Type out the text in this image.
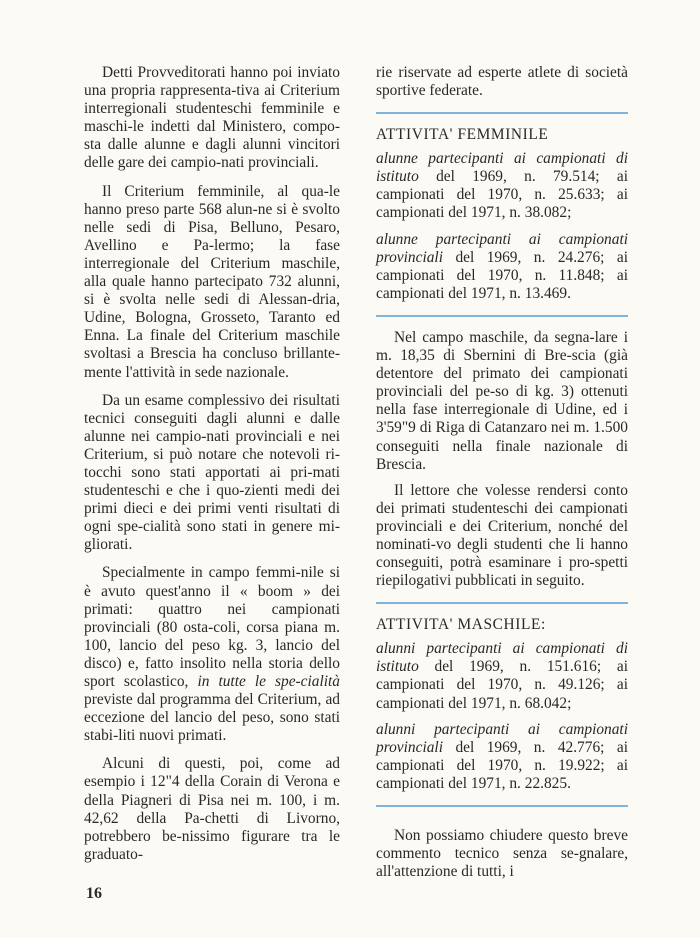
Detti Provveditorati hanno poi inviato una propria rappresenta-tiva ai Criterium interregionali studenteschi femminile e maschi-le indetti dal Ministero, compo-sta dalle alunne e dagli alunni vincitori delle gare dei campio-nati provinciali.

Il Criterium femminile, al qua-le hanno preso parte 568 alun-ne si è svolto nelle sedi di Pisa, Belluno, Pesaro, Avellino e Pa-lermo; la fase interregionale del Criterium maschile, alla quale hanno partecipato 732 alunni, si è svolta nelle sedi di Alessan-dria, Udine, Bologna, Grosseto, Taranto ed Enna. La finale del Criterium maschile svoltasi a Brescia ha concluso brillante-mente l'attività in sede nazionale.

Da un esame complessivo dei risultati tecnici conseguiti dagli alunni e dalle alunne nei campio-nati provinciali e nei Criterium, si può notare che notevoli ri-tocchi sono stati apportati ai pri-mati studenteschi e che i quo-zienti medi dei primi dieci e dei primi venti risultati di ogni spe-cialità sono stati in genere mi-gliorati.

Specialmente in campo femmi-nile si è avuto quest'anno il « boom » dei primati: quattro nei campionati provinciali (80 osta-coli, corsa piana m. 100, lancio del peso kg. 3, lancio del disco) e, fatto insolito nella storia dello sport scolastico, in tutte le spe-cialità previste dal programma del Criterium, ad eccezione del lancio del peso, sono stati stabi-liti nuovi primati.

Alcuni di questi, poi, come ad esempio i 12"4 della Corain di Verona e della Piagneri di Pisa nei m. 100, i m. 42,62 della Pa-chetti di Livorno, potrebbero be-nissimo figurare tra le graduato-

rie riservate ad esperte atlete di società sportive federate.

ATTIVITA' FEMMINILE

alunne partecipanti ai campionati di istituto del 1969, n. 79.514; ai campionati del 1970, n. 25.633; ai campionati del 1971, n. 38.082;

alunne partecipanti ai campionati provinciali del 1969, n. 24.276; ai campionati del 1970, n. 11.848; ai campionati del 1971, n. 13.469.

Nel campo maschile, da segna-lare i m. 18,35 di Sbernini di Bre-scia (già detentore del primato dei campionati provinciali del pe-so di kg. 3) ottenuti nella fase interregionale di Udine, ed i 3'59"9 di Riga di Catanzaro nei m. 1.500 conseguiti nella finale nazionale di Brescia.

Il lettore che volesse rendersi conto dei primati studenteschi dei campionati provinciali e dei Criterium, nonché del nominati-vo degli studenti che li hanno conseguiti, potrà esaminare i pro-spetti riepilogativi pubblicati in seguito.

ATTIVITA' MASCHILE:

alunni partecipanti ai campionati di istituto del 1969, n. 151.616; ai campionati del 1970, n. 49.126; ai campionati del 1971, n. 68.042;

alunni partecipanti ai campionati provinciali del 1969, n. 42.776; ai campionati del 1970, n. 19.922; ai campionati del 1971, n. 22.825.

Non possiamo chiudere questo breve commento tecnico senza se-gnalare, all'attenzione di tutti, i

16
